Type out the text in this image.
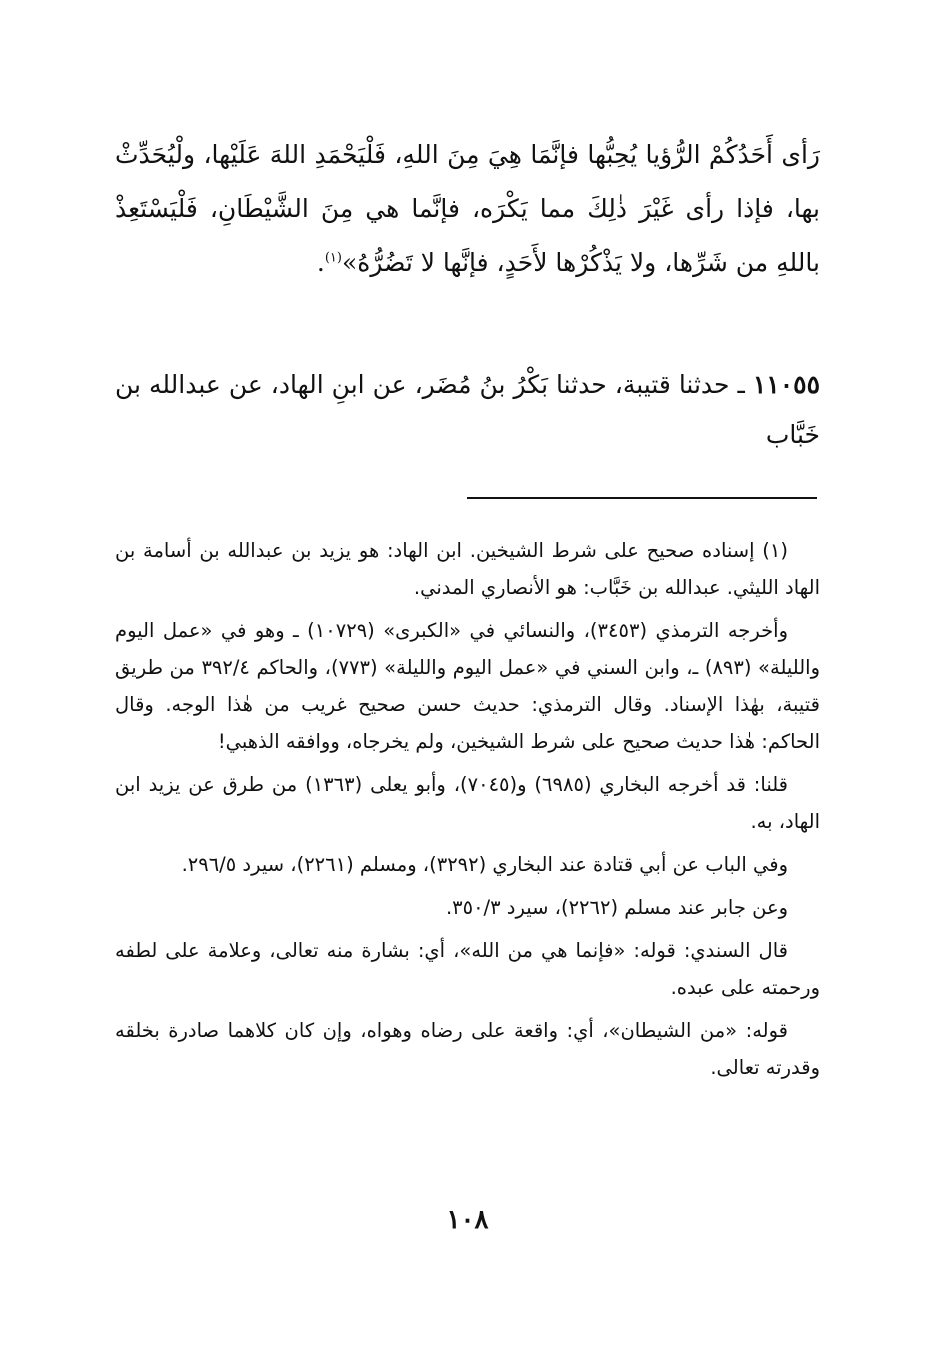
رَأى أَحَدُكُمْ الرُّؤيا يُحِبُّها فإنَّمَا هِيَ مِنَ اللهِ، فَلْيَحْمَدِ اللهَ عَلَيْها، ولْيُحَدِّثْ بها، فإذا رأى غَيْرَ ذٰلِكَ مما يَكْرَه، فإنَّما هي مِنَ الشَّيْطَانِ، فَلْيَسْتَعِذْ باللهِ من شَرِّها، ولا يَذْكُرْها لأَحَدٍ، فإنَّها لا تَضُرُّهُ»$^{(١)}$.

١١٠٥٥ ـ حدثنا قتيبة، حدثنا بَكْرُ بنُ مُضَر، عن ابنِ الهاد، عن عبدالله بن خَبَّاب

(١) إسناده صحيح على شرط الشيخين. ابن الهاد: هو يزيد بن عبدالله بن أسامة بن الهاد الليثي. عبدالله بن خَبَّاب: هو الأنصاري المدني.

وأخرجه الترمذي (٣٤٥٣)، والنسائي في «الكبرى» (١٠٧٢٩) ـ وهو في «عمل اليوم والليلة» (٨٩٣) ـ، وابن السني في «عمل اليوم والليلة» (٧٧٣)، والحاكم ٣٩٢/٤ من طريق قتيبة، بهٰذا الإسناد. وقال الترمذي: حديث حسن صحيح غريب من هٰذا الوجه. وقال الحاكم: هٰذا حديث صحيح على شرط الشيخين، ولم يخرجاه، ووافقه الذهبي!

قلنا: قد أخرجه البخاري (٦٩٨٥) و(٧٠٤٥)، وأبو يعلى (١٣٦٣) من طرق عن يزيد ابن الهاد، به.

وفي الباب عن أبي قتادة عند البخاري (٣٢٩٢)، ومسلم (٢٢٦١)، سيرد ٢٩٦/٥.

وعن جابر عند مسلم (٢٢٦٢)، سيرد ٣٥٠/٣.

قال السندي: قوله: «فإنما هي من الله»، أي: بشارة منه تعالى، وعلامة على لطفه ورحمته على عبده.

قوله: «من الشيطان»، أي: واقعة على رضاه وهواه، وإن كان كلاهما صادرة بخلقه وقدرته تعالى.

١٠٨
